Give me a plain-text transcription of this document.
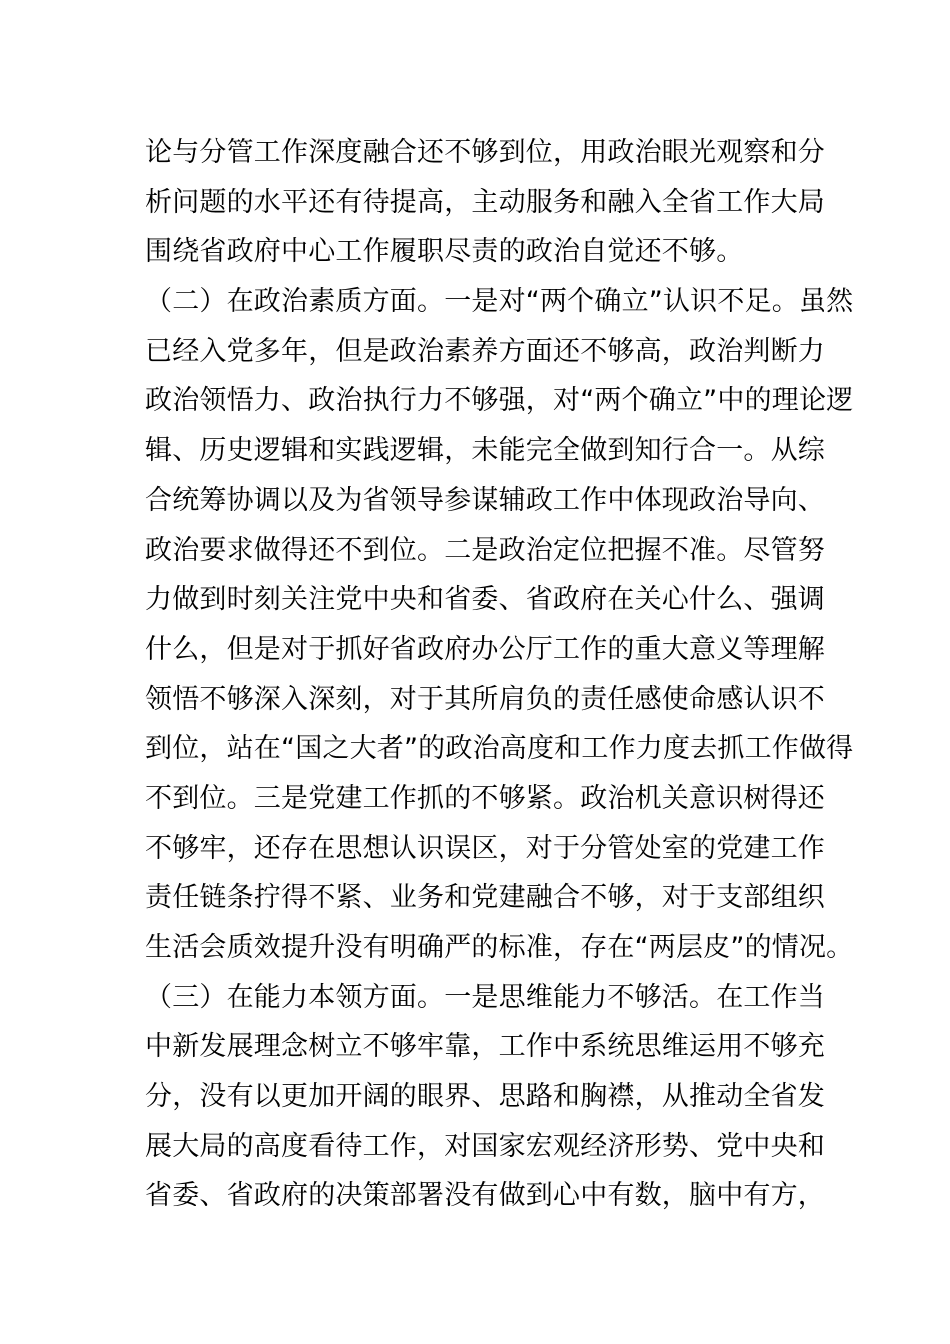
论与分管工作深度融合还不够到位，用政治眼光观察和分
析问题的水平还有待提高，主动服务和融入全省工作大局
围绕省政府中心工作履职尽责的政治自觉还不够。
（二）在政治素质方面。一是对“两个确立”认识不足。虽然
已经入党多年，但是政治素养方面还不够高，政治判断力
政治领悟力、政治执行力不够强，对“两个确立”中的理论逻
辑、历史逻辑和实践逻辑，未能完全做到知行合一。从综
合统筹协调以及为省领导参谋辅政工作中体现政治导向、
政治要求做得还不到位。二是政治定位把握不准。尽管努
力做到时刻关注党中央和省委、省政府在关心什么、强调
什么，但是对于抓好省政府办公厅工作的重大意义等理解
领悟不够深入深刻，对于其所肩负的责任感使命感认识不
到位，站在“国之大者”的政治高度和工作力度去抓工作做得
不到位。三是党建工作抓的不够紧。政治机关意识树得还
不够牢，还存在思想认识误区，对于分管处室的党建工作
责任链条拧得不紧、业务和党建融合不够，对于支部组织
生活会质效提升没有明确严的标准，存在“两层皮”的情况。
（三）在能力本领方面。一是思维能力不够活。在工作当
中新发展理念树立不够牢靠，工作中系统思维运用不够充
分，没有以更加开阔的眼界、思路和胸襟，从推动全省发
展大局的高度看待工作，对国家宏观经济形势、党中央和
省委、省政府的决策部署没有做到心中有数，脑中有方，
